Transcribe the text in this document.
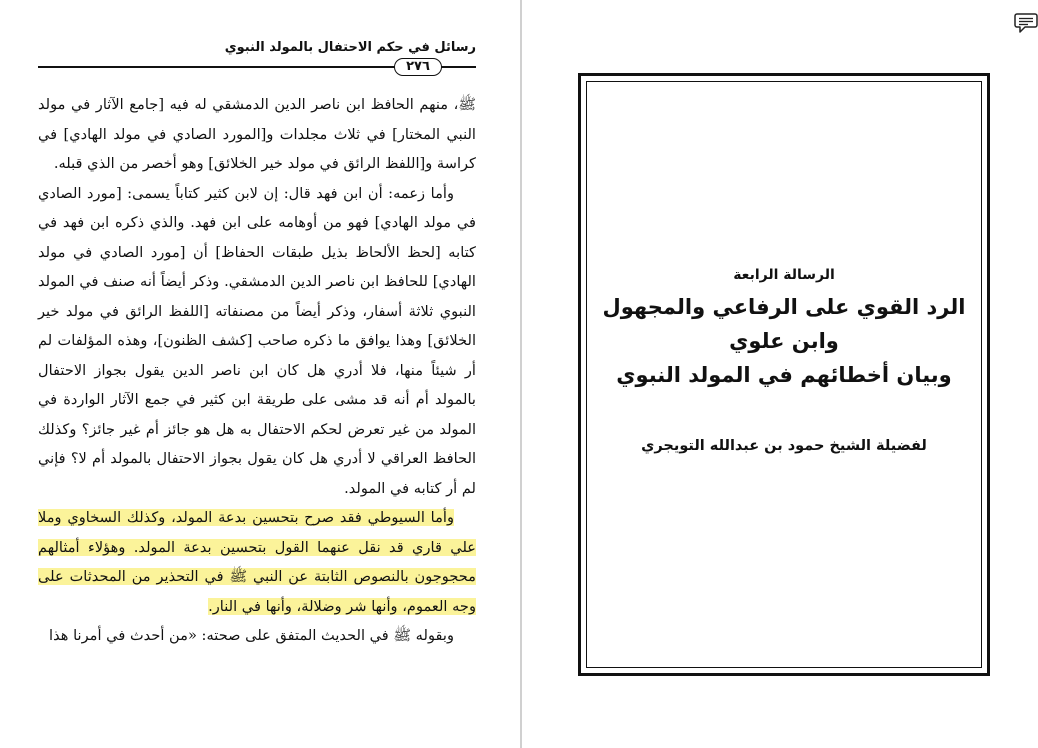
رسائل في حكم الاحتفال بالمولد النبوي
٢٧٦

ﷺ، منهم الحافظ ابن ناصر الدين الدمشقي له فيه [جامع الآثار في مولد النبي المختار] في ثلاث مجلدات و[المورد الصادي في مولد الهادي] في كراسة و[اللفظ الرائق في مولد خير الخلائق] وهو أخصر من الذي قبله.

وأما زعمه: أن ابن فهد قال: إن لابن كثير كتاباً يسمى: [مورد الصادي في مولد الهادي] فهو من أوهامه على ابن فهد. والذي ذكره ابن فهد في كتابه [لحظ الألحاظ بذيل طبقات الحفاظ] أن [مورد الصادي في مولد الهادي] للحافظ ابن ناصر الدين الدمشقي. وذكر أيضاً أنه صنف في المولد النبوي ثلاثة أسفار، وذكر أيضاً من مصنفاته [اللفظ الرائق في مولد خير الخلائق] وهذا يوافق ما ذكره صاحب [كشف الظنون]، وهذه المؤلفات لم أر شيئاً منها، فلا أدري هل كان ابن ناصر الدين يقول بجواز الاحتفال بالمولد أم أنه قد مشى على طريقة ابن كثير في جمع الآثار الواردة في المولد من غير تعرض لحكم الاحتفال به هل هو جائز أم غير جائز؟ وكذلك الحافظ العراقي لا أدري هل كان يقول بجواز الاحتفال بالمولد أم لا؟ فإني لم أر كتابه في المولد.

وأما السيوطي فقد صرح بتحسين بدعة المولد، وكذلك السخاوي وملا علي قاري قد نقل عنهما القول بتحسين بدعة المولد. وهؤلاء أمثالهم محجوجون بالنصوص الثابتة عن النبي ﷺ في التحذير من المحدثات على وجه العموم، وأنها شر وضلالة، وأنها في النار.

وبقوله ﷺ في الحديث المتفق على صحته: «من أحدث في أمرنا هذا

الرسالة الرابعة
الرد القوي على الرفاعي والمجهول وابن علوي
وبيان أخطائهم في المولد النبوي
لفضيلة الشيخ حمود بن عبدالله التويجري
